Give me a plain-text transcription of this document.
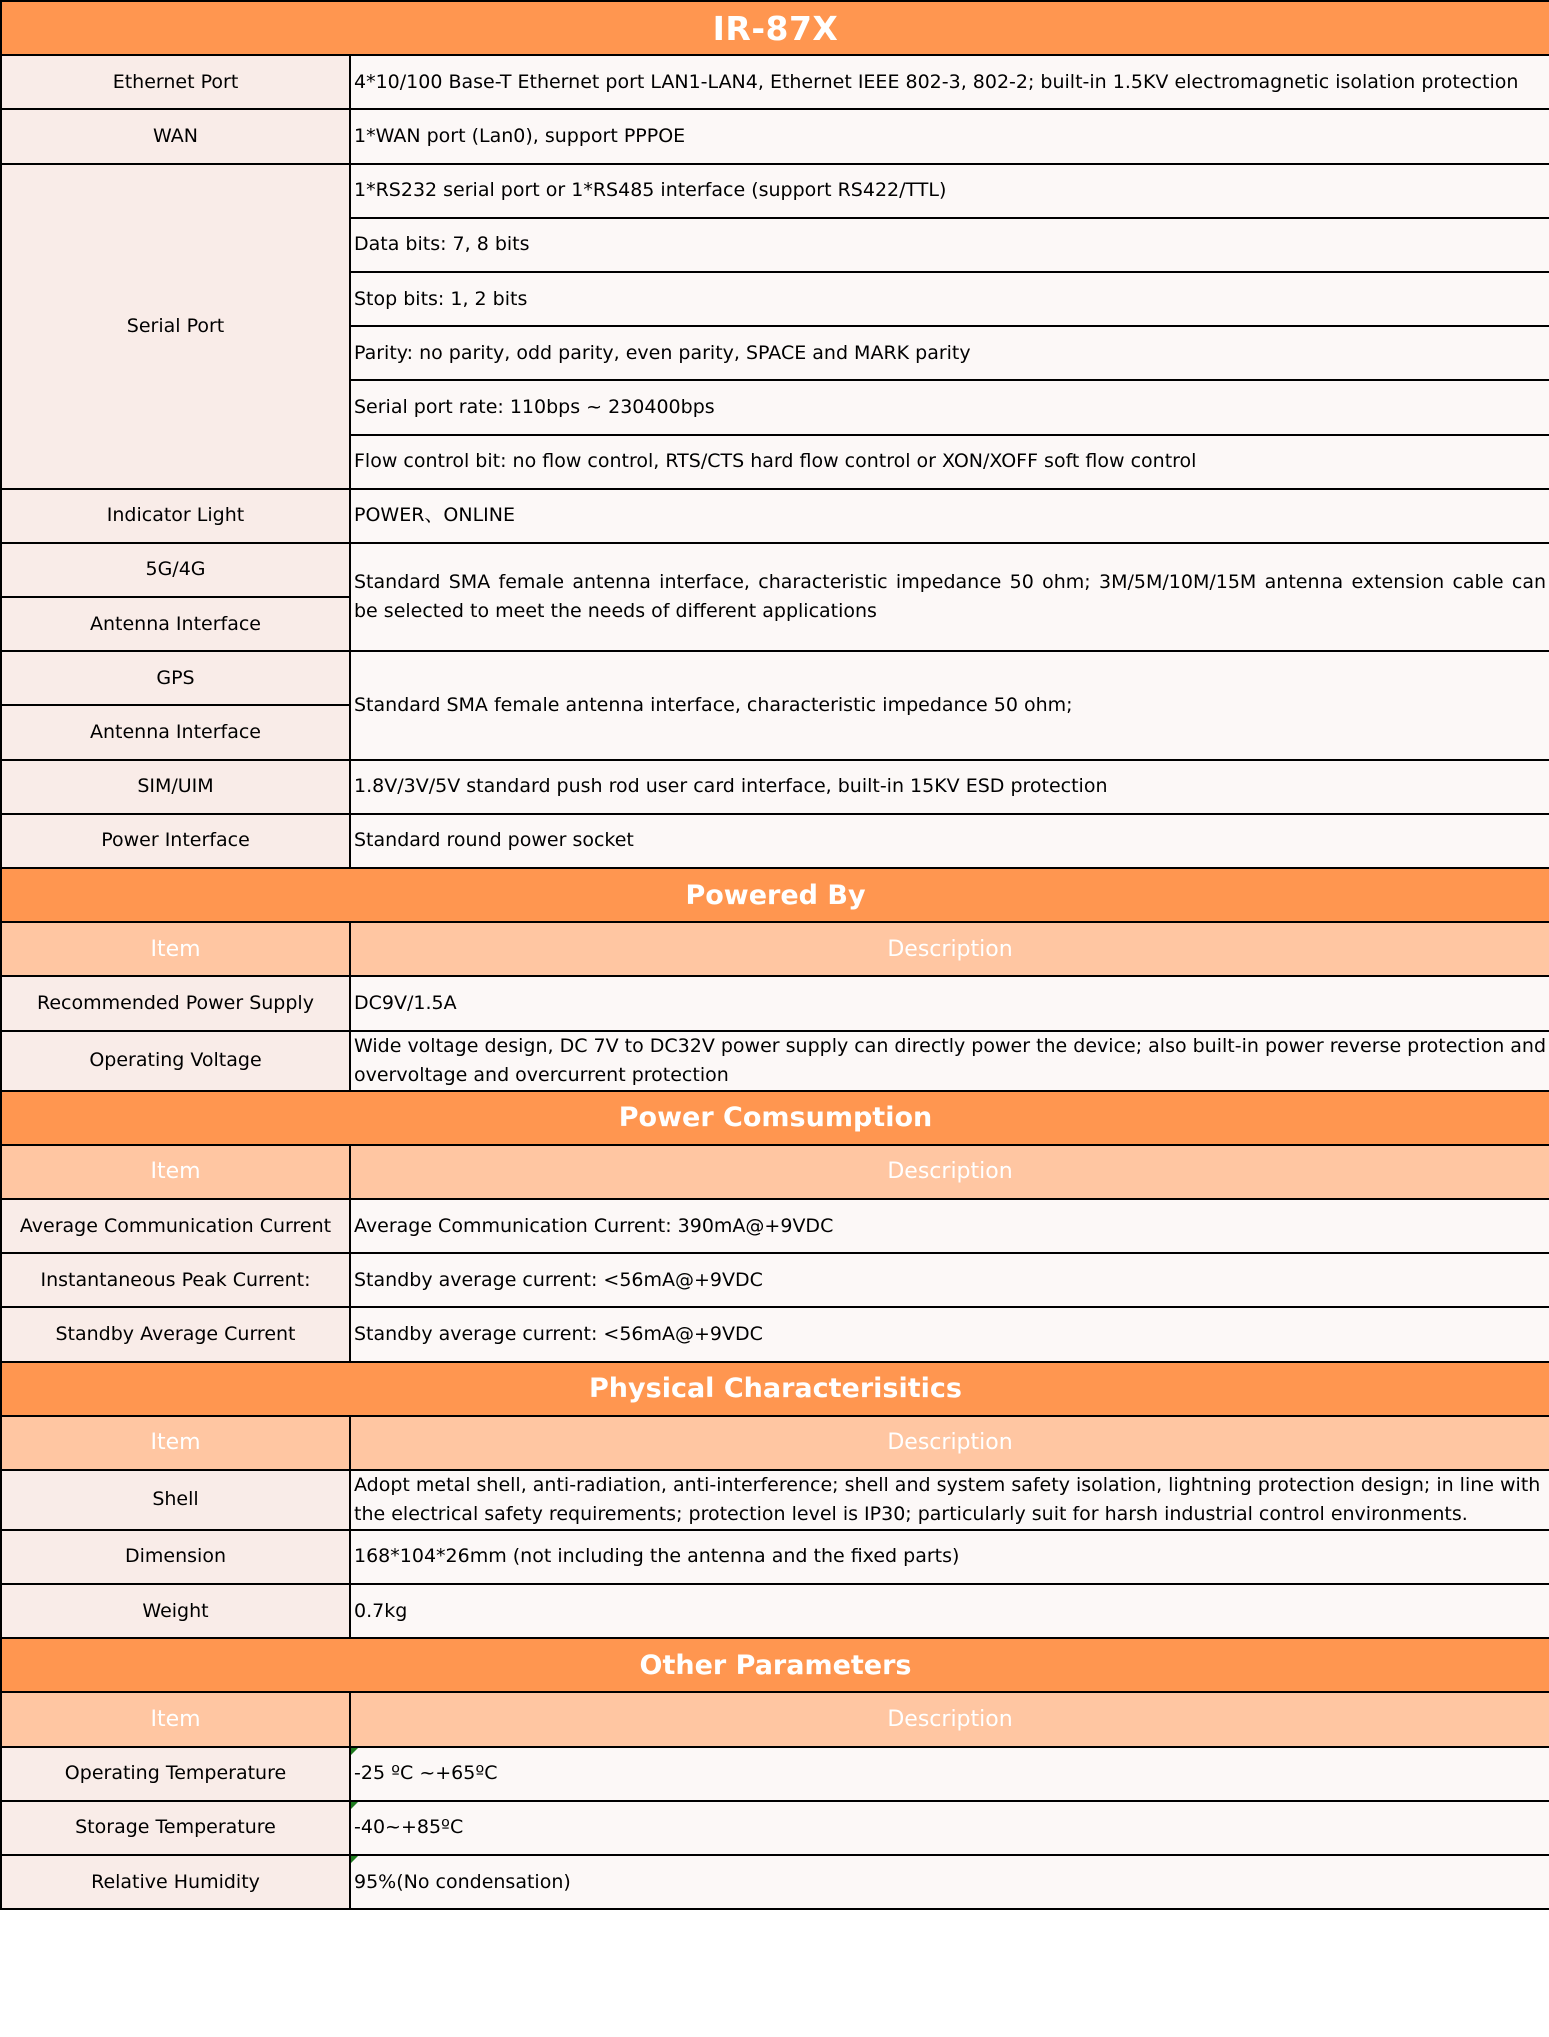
IR-87X	
Ethernet Port	4*10/100 Base-T Ethernet port LAN1-LAN4, Ethernet IEEE 802-3, 802-2; built-in 1.5KV electromagnetic isolation protection
WAN	1*WAN port (Lan0), support PPPOE
Serial Port	1*RS232 serial port or 1*RS485 interface (support RS422/TTL)
	Data bits: 7, 8 bits
	Stop bits: 1, 2 bits
	Parity: no parity, odd parity, even parity, SPACE and MARK parity
	Serial port rate: 110bps ~ 230400bps
	Flow control bit: no flow control, RTS/CTS hard flow control or XON/XOFF soft flow control
Indicator Light	POWER、ONLINE
5G/4G	Standard SMA female antenna interface, characteristic impedance 50 ohm; 3M/5M/10M/15M antenna extension cable can be selected to meet the needs of different applications
Antenna Interface	
GPS	Standard SMA female antenna interface, characteristic impedance 50 ohm;
Antenna Interface	
SIM/UIM	1.8V/3V/5V standard push rod user card interface, built-in 15KV ESD protection
Power Interface	Standard round power socket
Powered By	
Item	Description
Recommended Power Supply	DC9V/1.5A
Operating Voltage	Wide voltage design, DC 7V to DC32V power supply can directly power the device; also built-in power reverse protection and overvoltage and overcurrent protection
Power Comsumption	
Item	Description
Average Communication Current	Average Communication Current: 390mA@+9VDC
Instantaneous Peak Current:	Standby average current: <56mA@+9VDC
Standby Average Current	Standby average current: <56mA@+9VDC
Physical Characterisitics	
Item	Description
Shell	Adopt metal shell, anti-radiation, anti-interference; shell and system safety isolation, lightning protection design; in line with the electrical safety requirements; protection level is IP30; particularly suit for harsh industrial control environments.
Dimension	168*104*26mm (not including the antenna and the fixed parts)
Weight	0.7kg
Other Parameters	
Item	Description
Operating Temperature	-25 ºC ~+65ºC
Storage Temperature	-40~+85ºC
Relative Humidity	95%(No condensation)
